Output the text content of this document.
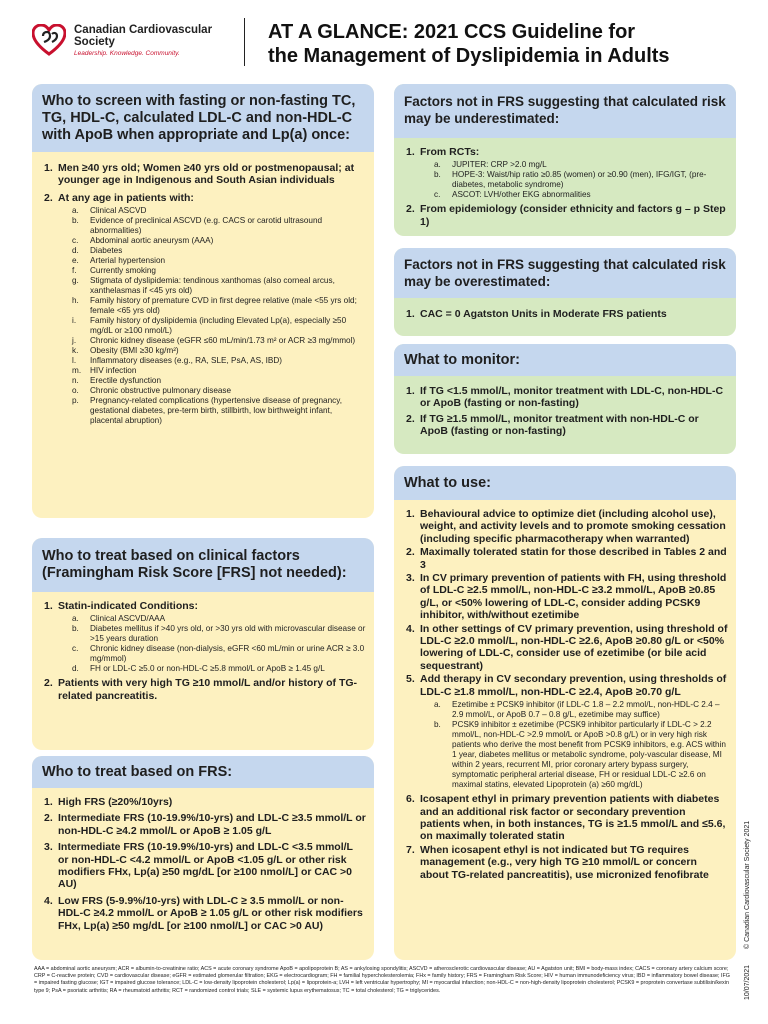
Canadian Cardiovascular
Society
Leadership. Knowledge. Community.
AT A GLANCE: 2021 CCS Guideline for
the Management of Dyslipidemia in Adults
Who to screen with fasting or non-fasting TC, TG, HDL-C, calculated LDL-C and non-HDL-C with ApoB when appropriate and Lp(a) once:
1. Men ≥40 yrs old; Women ≥40 yrs old or postmenopausal; at younger age in Indigenous and South Asian individuals
2. At any age in patients with:
a. Clinical ASCVD
b. Evidence of preclinical ASCVD (e.g. CACS or carotid ultrasound abnormalities)
c. Abdominal aortic aneurysm (AAA)
d. Diabetes
e. Arterial hypertension
f. Currently smoking
g. Stigmata of dyslipidemia: tendinous xanthomas (also corneal arcus, xanthelasmas if <45 yrs old)
h. Family history of premature CVD in first degree relative (male <55 yrs old; female <65 yrs old)
i. Family history of dyslipidemia (including Elevated Lp(a), especially ≥50 mg/dL or ≥100 nmol/L)
j. Chronic kidney disease (eGFR ≤60 mL/min/1.73 m² or ACR ≥3 mg/mmol)
k. Obesity (BMI ≥30 kg/m²)
l. Inflammatory diseases (e.g., RA, SLE, PsA, AS, IBD)
m. HIV infection
n. Erectile dysfunction
o. Chronic obstructive pulmonary disease
p. Pregnancy-related complications (hypertensive disease of pregnancy, gestational diabetes, pre-term birth, stillbirth, low birthweight infant, placental abruption)
Who to treat based on clinical factors (Framingham Risk Score [FRS] not needed):
1. Statin-indicated Conditions:
a. Clinical ASCVD/AAA
b. Diabetes mellitus if >40 yrs old, or >30 yrs old with microvascular disease or >15 years duration
c. Chronic kidney disease (non-dialysis, eGFR <60 mL/min or urine ACR ≥ 3.0 mg/mmol)
d. FH or LDL-C ≥5.0 or non-HDL-C ≥5.8 mmol/L or ApoB ≥ 1.45 g/L
2. Patients with very high TG ≥10 mmol/L and/or history of TG-related pancreatitis.
Who to treat based on FRS:
1. High FRS (≥20%/10yrs)
2. Intermediate FRS (10-19.9%/10-yrs) and LDL-C ≥3.5 mmol/L or non-HDL-C ≥4.2 mmol/L or ApoB ≥ 1.05 g/L
3. Intermediate FRS (10-19.9%/10-yrs) and LDL-C <3.5 mmol/L or non-HDL-C <4.2 mmol/L or ApoB <1.05 g/L or other risk modifiers FHx, Lp(a) ≥50 mg/dL [or ≥100 nmol/L] or CAC >0 AU)
4. Low FRS (5-9.9%/10-yrs) with LDL-C ≥ 3.5 mmol/L or non-HDL-C ≥4.2 mmol/L or ApoB ≥ 1.05 g/L or other risk modifiers FHx, Lp(a) ≥50 mg/dL [or ≥100 nmol/L] or CAC >0 AU)
Factors not in FRS suggesting that calculated risk may be underestimated:
1. From RCTs:
a. JUPITER: CRP >2.0 mg/L
b. HOPE-3: Waist/hip ratio ≥0.85 (women) or ≥0.90 (men), IFG/IGT, (pre-diabetes, metabolic syndrome)
c. ASCOT: LVH/other EKG abnormalities
2. From epidemiology (consider ethnicity and factors g – p Step 1)
Factors not in FRS suggesting that calculated risk may be overestimated:
1. CAC = 0 Agatston Units in Moderate FRS patients
What to monitor:
1. If TG <1.5 mmol/L, monitor treatment with LDL-C, non-HDL-C or ApoB (fasting or non-fasting)
2. If TG ≥1.5 mmol/L, monitor treatment with non-HDL-C or ApoB (fasting or non-fasting)
What to use:
1. Behavioural advice to optimize diet (including alcohol use), weight, and activity levels and to promote smoking cessation (including specific pharmacotherapy when warranted)
2. Maximally tolerated statin for those described in Tables 2 and 3
3. In CV primary prevention of patients with FH, using threshold of LDL-C ≥2.5 mmol/L, non-HDL-C ≥3.2 mmol/L, ApoB ≥0.85 g/L, or <50% lowering of LDL-C, consider adding PCSK9 inhibitor, with/without ezetimibe
4. In other settings of CV primary prevention, using threshold of LDL-C ≥2.0 mmol/L, non-HDL-C ≥2.6, ApoB ≥0.80 g/L or <50% lowering of LDL-C, consider use of ezetimibe (or bile acid sequestrant)
5. Add therapy in CV secondary prevention, using thresholds of LDL-C ≥1.8 mmol/L, non-HDL-C ≥2.4, ApoB ≥0.70 g/L
a. Ezetimibe ± PCSK9 inhibitor (if LDL-C 1.8 – 2.2 mmol/L, non-HDL-C 2.4 – 2.9 mmol/L, or ApoB 0.7 – 0.8 g/L, ezetimibe may suffice)
b. PCSK9 inhibitor ± ezetimibe (PCSK9 inhibitor particularly if LDL-C > 2.2 mmol/L, non-HDL-C >2.9 mmol/L or ApoB >0.8 g/L) or in very high risk patients who derive the most benefit from PCSK9 inhibitors, e.g. ACS within 1 year, diabetes mellitus or metabolic syndrome, poly-vascular disease, MI within 2 years, recurrent MI, prior coronary artery bypass surgery, symptomatic peripheral arterial disease, FH or residual LDL-C ≥2.6 on maximal statins, elevated Lipoprotein (a) ≥60 mg/dL)
6. Icosapent ethyl in primary prevention patients with diabetes and an additional risk factor or secondary prevention patients when, in both instances, TG is ≥1.5 mmol/L and ≤5.6, on maximally tolerated statin
7. When icosapent ethyl is not indicated but TG requires management (e.g., very high TG ≥10 mmol/L or concern about TG-related pancreatitis), use micronized fenofibrate
10/07/2021 © Canadian Cardiovascular Society 2021
AAA = abdominal aortic aneurysm; ACR = albumin-to-creatinine ratio; ACS = acute coronary syndrome ApoB = apolipoprotein B; AS = ankylosing spondylitis; ASCVD = atherosclerotic cardiovascular disease; AU = Agatston unit; BMI = body-mass index; CACS = coronary artery calcium score; CRP = C-reactive protein; CVD = cardiovascular disease; eGFR = estimated glomerular filtration; EKG = electrocardiogram; FH = familial hypercholesterolemia; FHx = family history; FRS = Framingham Risk Score; HIV = human immunodeficiency virus; IBD = inflammatory bowel disease; IFG = impaired fasting glucose; IGT = impaired glucose tolerance; LDL-C = low-density lipoprotein cholesterol; Lp(a) = lipoprotein-a; LVH = left ventricular hypertrophy; MI = myocardial infarction; non-HDL-C = non-high-density lipoprotein cholesterol; PCSK9 = proprotein convertase subtilisin/kexin type 9; PsA = psoriatic arthritis; RA = rheumatoid arthritis; RCT = randomized control trials; SLE = systemic lupus erythematosus; TC = total cholesterol; TG = triglycerides.
